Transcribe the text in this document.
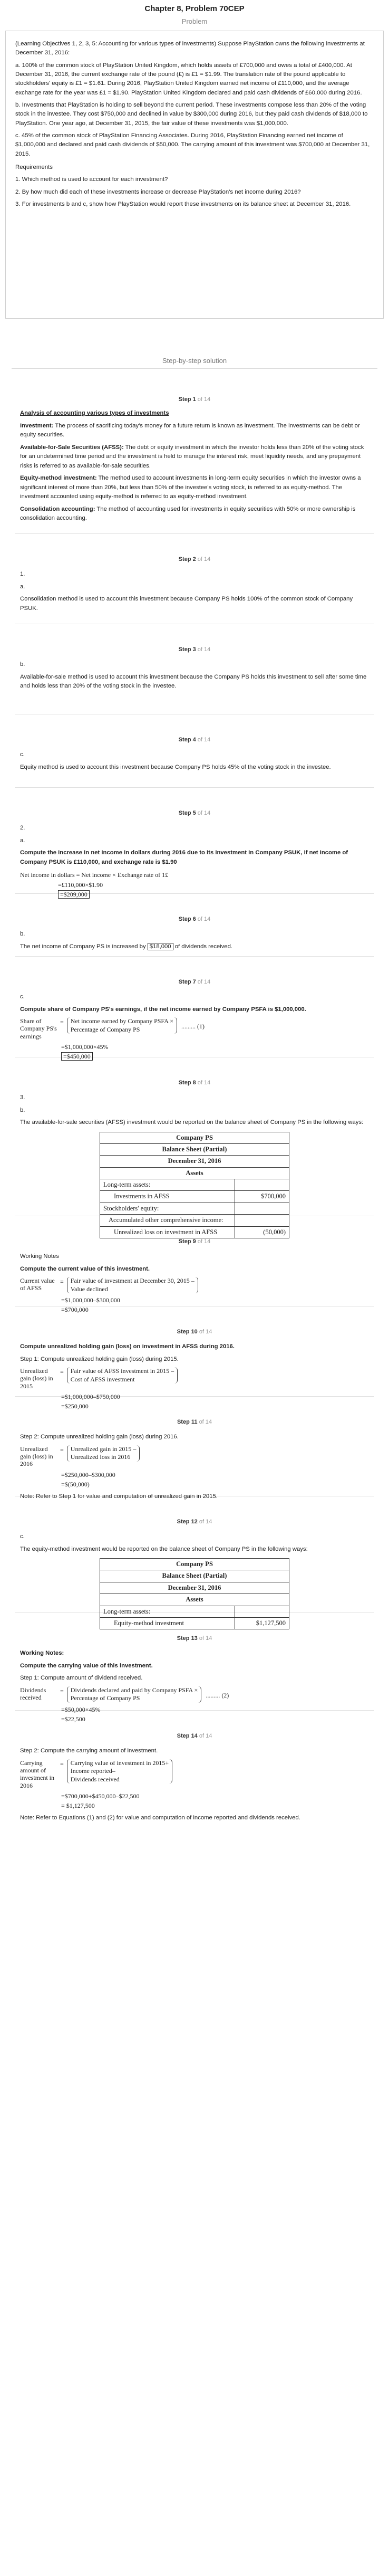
Chapter 8, Problem 70CEP
Problem

(Learning Objectives 1, 2, 3, 5: Accounting for various types of investments) Suppose PlayStation owns the following investments at December 31, 2016:

a. 100% of the common stock of PlayStation United Kingdom, which holds assets of £700,000 and owes a total of £400,000. At December 31, 2016, the current exchange rate of the pound (£) is £1 = $1.99. The translation rate of the pound applicable to stockholders' equity is £1 = $1.61. During 2016, PlayStation United Kingdom earned net income of £110,000, and the average exchange rate for the year was £1 = $1.90. PlayStation United Kingdom declared and paid cash dividends of £60,000 during 2016.

b. Investments that PlayStation is holding to sell beyond the current period. These investments compose less than 20% of the voting stock in the investee. They cost $750,000 and declined in value by $300,000 during 2016, but they paid cash dividends of $18,000 to PlayStation. One year ago, at December 31, 2015, the fair value of these investments was $1,000,000.

c. 45% of the common stock of PlayStation Financing Associates. During 2016, PlayStation Financing earned net income of $1,000,000 and declared and paid cash dividends of $50,000. The carrying amount of this investment was $700,000 at December 31, 2015.

Requirements

1. Which method is used to account for each investment?

2. By how much did each of these investments increase or decrease PlayStation's net income during 2016?

3. For investments b and c, show how PlayStation would report these investments on its balance sheet at December 31, 2016.

Step-by-step solution
Step 1 of 14

Analysis of accounting various types of investments

Investment: The process of sacrificing today's money for a future return is known as investment. The investments can be debt or equity securities.

Available-for-Sale Securities (AFSS): The debt or equity investment in which the investor holds less than 20% of the voting stock for an undetermined time period and the investment is held to manage the interest risk, meet liquidity needs, and any prepayment risks is referred to as available-for-sale securities.

Equity-method investment: The method used to account investments in long-term equity securities in which the investor owns a significant interest of more than 20%, but less than 50% of the investee's voting stock, is referred to as equity-method. The investment accounted using equity-method is referred to as equity-method investment.

Consolidation accounting: The method of accounting used for investments in equity securities with 50% or more ownership is consolidation accounting.

Step 2 of 14

1.

a.

Consolidation method is used to account this investment because Company PS holds 100% of the common stock of Company PSUK.

Step 3 of 14

b.

Available-for-sale method is used to account this investment because the Company PS holds this investment to sell after some time and holds less than 20% of the voting stock in the investee.

Step 4 of 14

c.

Equity method is used to account this investment because Company PS holds 45% of the voting stock in the investee.

Step 5 of 14

2.

a.

Compute the increase in net income in dollars during 2016 due to its investment in Company PSUK, if net income of Company PSUK is £110,000, and exchange rate is $1.90

Net income in dollars = Net income × Exchange rate of 1£
=£110,000×$1.90
=$209,000
Step 6 of 14

b.

The net income of Company PS is increased by $18,000 of dividends received.

Step 7 of 14

c.

Compute share of Company PS's earnings, if the net income earned by Company PSFA is $1,000,000.

Share of Company PS's earnings
= Net income earned by Company PSFA ×
Percentage of Company PS	......... (1)
=$1,000,000×45%
=$450,000
Step 8 of 14

3.

b.

The available-for-sale securities (AFSS) investment would be reported on the balance sheet of Company PS in the following ways:

Company PS	
Balance Sheet (Partial)	
December 31, 2016	
Assets	
Long-term assets:	
Investments in AFSS	$700,000
Stockholders' equity:	
Accumulated other comprehensive income:	
Unrealized loss on investment in AFSS	(50,000)
Step 9 of 14

Working Notes

Compute the current value of this investment.

Current value of AFSS
= Fair value of investment at December 30, 2015 –
Value declined
=$1,000,000–$300,000
=$700,000
Step 10 of 14

Compute unrealized holding gain (loss) on investment in AFSS during 2016.

Step 1: Compute unrealized holding gain (loss) during 2015.

Unrealized gain (loss) in 2015
= Fair value of AFSS investment in 2015 –
Cost of AFSS investment
=$1,000,000–$750,000
=$250,000
Step 11 of 14

Step 2: Compute unrealized holding gain (loss) during 2016.

Unrealized gain (loss) in 2016
= Unrealized gain in 2015 –
Unrealized loss in 2016
=$250,000–$300,000
=$(50,000)

Note: Refer to Step 1 for value and computation of unrealized gain in 2015.

Step 12 of 14

c.

The equity-method investment would be reported on the balance sheet of Company PS in the following ways:

Company PS	
Balance Sheet (Partial)	
December 31, 2016	
Assets	
Long-term assets:	
Equity-method investment	$1,127,500
Step 13 of 14

Working Notes:

Compute the carrying value of this investment.

Step 1: Compute amount of dividend received.

Dividends received
= Dividends declared and paid by Company PSFA ×
Percentage of Company PS	......... (2)
=$50,000×45%
=$22,500
Step 14 of 14

Step 2: Compute the carrying amount of investment.

Carrying amount of investment in 2016
= Carrying value of investment in 2015+
Income reported–
Dividends received
=$700,000+$450,000–$22,500
= $1,127,500

Note: Refer to Equations (1) and (2) for value and computation of income reported and dividends received.
